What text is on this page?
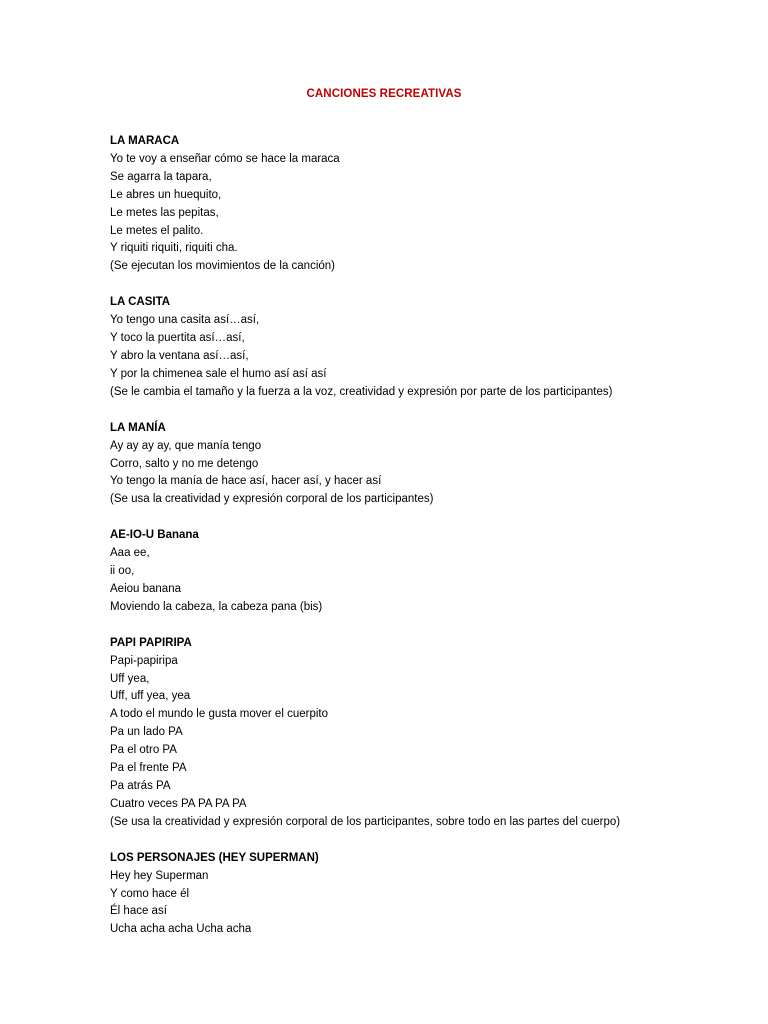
CANCIONES RECREATIVAS
LA MARACA
Yo te voy a enseñar cómo se hace la maraca
Se agarra la tapara,
Le abres un huequito,
Le metes las pepitas,
Le metes el palito.
Y riquiti riquiti, riquiti cha.
(Se ejecutan los movimientos de la canción)
LA CASITA
Yo tengo una casita así…así,
Y toco la puertita así…así,
Y abro la ventana así…así,
Y por la chimenea sale el humo así así así
(Se le cambia el tamaño y la fuerza a la voz, creatividad y expresión por parte de los participantes)
LA MANÍA
Ay ay ay ay, que manía tengo
Corro, salto y no me detengo
Yo tengo la manía de hace así, hacer así, y hacer así
(Se usa la creatividad y expresión corporal de los participantes)
AE-IO-U Banana
Aaa ee,
ii oo,
Aeiou banana
Moviendo la cabeza, la cabeza pana (bis)
PAPI PAPIRIPA
Papi-papiripa
Uff yea,
Uff, uff yea, yea
A todo el mundo le gusta mover el cuerpito
Pa un lado PA
Pa el otro PA
Pa el frente PA
Pa atrás PA
Cuatro veces PA PA PA PA
(Se usa la creatividad y expresión corporal de los participantes, sobre todo en las partes del cuerpo)
LOS PERSONAJES (HEY SUPERMAN)
Hey hey Superman
Y como hace él
Él hace así
Ucha acha acha Ucha acha
